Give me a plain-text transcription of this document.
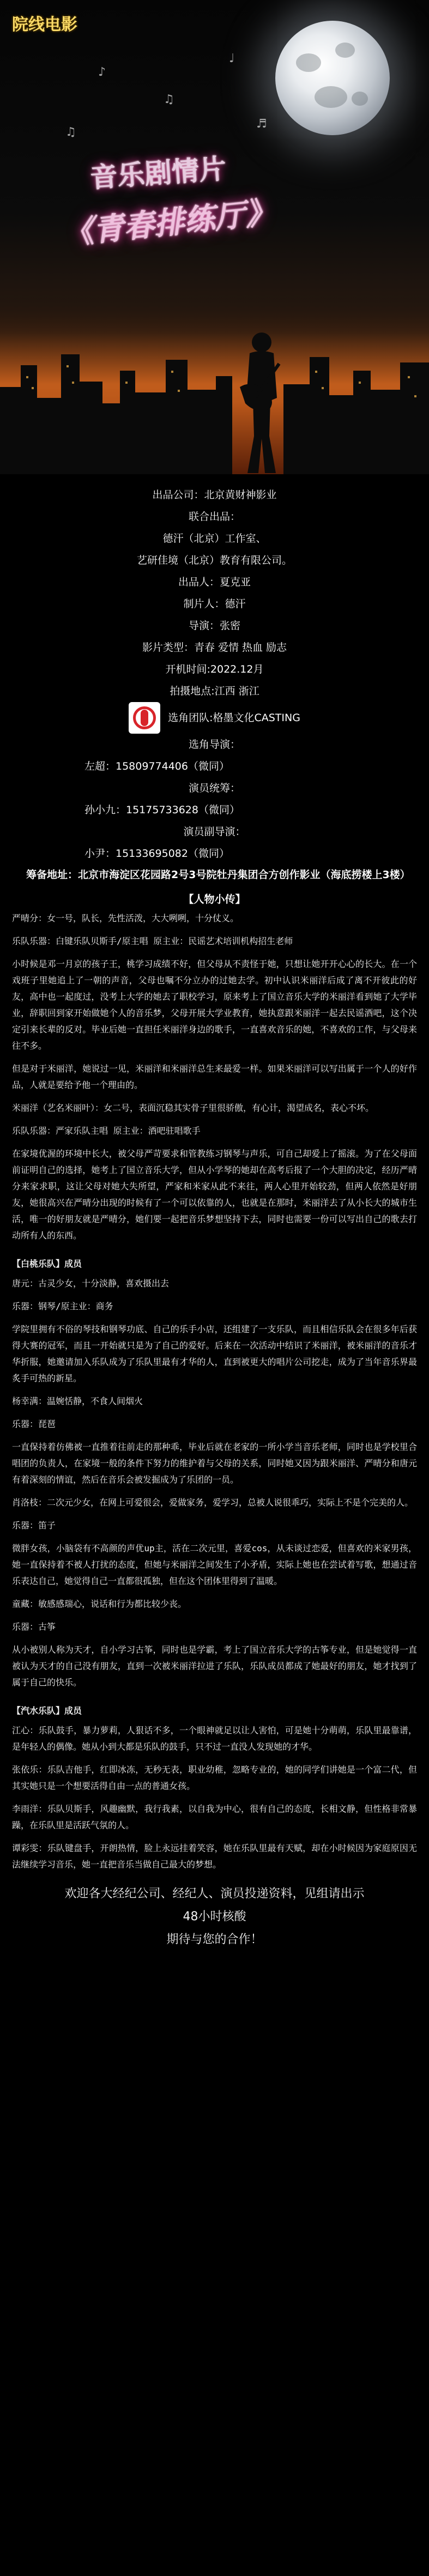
院线电影
♪
♫
♩
♬
♫
音乐剧情片
《青春排练厅》
出品公司：北京黄财神影业
联合出品：
德汗（北京）工作室、
艺研佳境（北京）教育有限公司。
出品人：夏克亚
制片人：德汗
导演：张密
影片类型：青春 爱情 热血 励志
开机时间:2022.12月
拍摄地点:江西 浙江
选角团队:格墨文化CASTING
选角导演：
左超：15809774406（微同）
演员统筹：
孙小九：15175733628（微同）
演员副导演：
小尹：15133695082（微同）
筹备地址：北京市海淀区花园路2号3号院牡丹集团合方创作影业（海底捞楼上3楼）
【人物小传】

严晴分：女一号，队长，先性活泼，大大咧咧，十分仗义。

乐队乐器：白键乐队贝斯手/原主唱 原主业：民谣艺术培训机构招生老师

小时候是邓一月京的孩子王，桃学习成绩不好，但父母从不责怪于她，只想让她开开心心的长大。在一个戏班子里她追上了一朝的声音，父母也嘱不分立办的过她去学。初中认识米丽洋后成了离不开彼此的好友，高中也一起度过，没考上大学的她去了职校学习，原来考上了国立音乐大学的米丽洋看到她了大学毕业，辞职回到家开始做她个人的音乐梦，父母开展大学业教育，她执意跟米丽洋一起去民谣酒吧，这个决定引来长辈的反对。毕业后她一直担任米丽洋身边的歌手，一直喜欢音乐的她，不喜欢的工作，与父母来往不多。

但是对于米丽洋，她说过一见，米丽洋和米丽洋总生来最爱一样。如果米丽洋可以写出属于一个人的好作品，人就是要给予他一个理由的。

米丽洋（艺名米丽叶）：女二号，表面沉稳其实骨子里很骄傲，有心计，渴望成名，表心不坏。

乐队乐器：严家乐队主唱 原主业：酒吧驻唱歌手

在家境优渥的环境中长大，被父母严苛要求和管教练习钢琴与声乐，可自己却爱上了摇滚。为了在父母面前证明自己的选择，她考上了国立音乐大学，但从小学琴的她却在高考后报了一个大胆的决定，经历严晴分来家求职，这让父母对她大失所望，严家和米家从此不来往，两人心里开始较劲，但两人依然是好朋友，她很高兴在严晴分出现的时候有了一个可以依靠的人，也就是在那时，米丽洋去了从小长大的城市生活，唯一的好朋友就是严晴分，她们要一起把音乐梦想坚持下去，同时也需要一份可以写出自己的歌去打动所有人的东西。

【白桃乐队】成员

唐元：古灵少女，十分淡静，喜欢摄出去

乐器：钢琴/原主业：商务

学院里拥有不俗的琴技和钢琴功底、自己的乐手小店，还组建了一支乐队，而且相信乐队会在很多年后获得大赛的冠军，而且一开始就只是为了自己的爱好。后来在一次活动中结识了米丽洋，被米丽洋的音乐才华折服，她邀请加入乐队成为了乐队里最有才华的人，直到被更大的唱片公司挖走，成为了当年音乐界最炙手可热的新星。

杨幸满：温婉恬静，不食人间烟火

乐器：琵琶

一直保持着仿佛被一直推着往前走的那种乖，毕业后就在老家的一所小学当音乐老师，同时也是学校里合唱团的负责人，在家境一般的条件下努力的维护着与父母的关系，同时她又因为跟米丽洋、严晴分和唐元有着深刻的情谊，然后在音乐会被发掘成为了乐团的一员。

肖洛枝：二次元少女，在网上可爱很会，爱做家务，爱学习，总被人说很乖巧，实际上不是个完美的人。

乐器：笛子

微胖女孩，小脑袋有不高颜的声优up主，活在二次元里，喜爱cos，从未谈过恋爱，但喜欢的米家男孩，她一直保持着不被人打扰的态度，但她与米丽洋之间发生了小矛盾，实际上她也在尝试着写歌，想通过音乐表达自己，她觉得自己一直都很孤独，但在这个团体里得到了温暖。

童藏：敏感感瑞心，说话和行为都比较少丧。

乐器：古筝

从小被别人称为天才，自小学习古筝，同时也是学霸，考上了国立音乐大学的古筝专业，但是她觉得一直被认为天才的自己没有朋友，直到一次被米丽洋拉进了乐队，乐队成员都成了她最好的朋友，她才找到了属于自己的快乐。

【汽水乐队】成员

江心：乐队鼓手，暴力萝莉，人狠话不多，一个眼神就足以让人害怕，可是她十分萌萌，乐队里最靠谱，是年轻人的偶像。她从小到大都是乐队的鼓手，只不过一直没人发现她的才华。

张依乐：乐队吉他手，红即冰冻，无秒无表，职业幼稚，忽略专业的，她的同学们讲她是一个富二代，但其实她只是一个想要活得自由一点的普通女孩。

李雨洋：乐队贝斯手，风趣幽默，我行我素，以自我为中心，很有自己的态度，长相文静，但性格非常暴躁，在乐队里是活跃气氛的人。

谭彩雯：乐队键盘手，开朗热情，脸上永远挂着笑容，她在乐队里最有天赋，却在小时候因为家庭原因无法继续学习音乐，她一直把音乐当做自己最大的梦想。

欢迎各大经纪公司、经纪人、演员投递资料，见组请出示
48小时核酸
期待与您的合作！
